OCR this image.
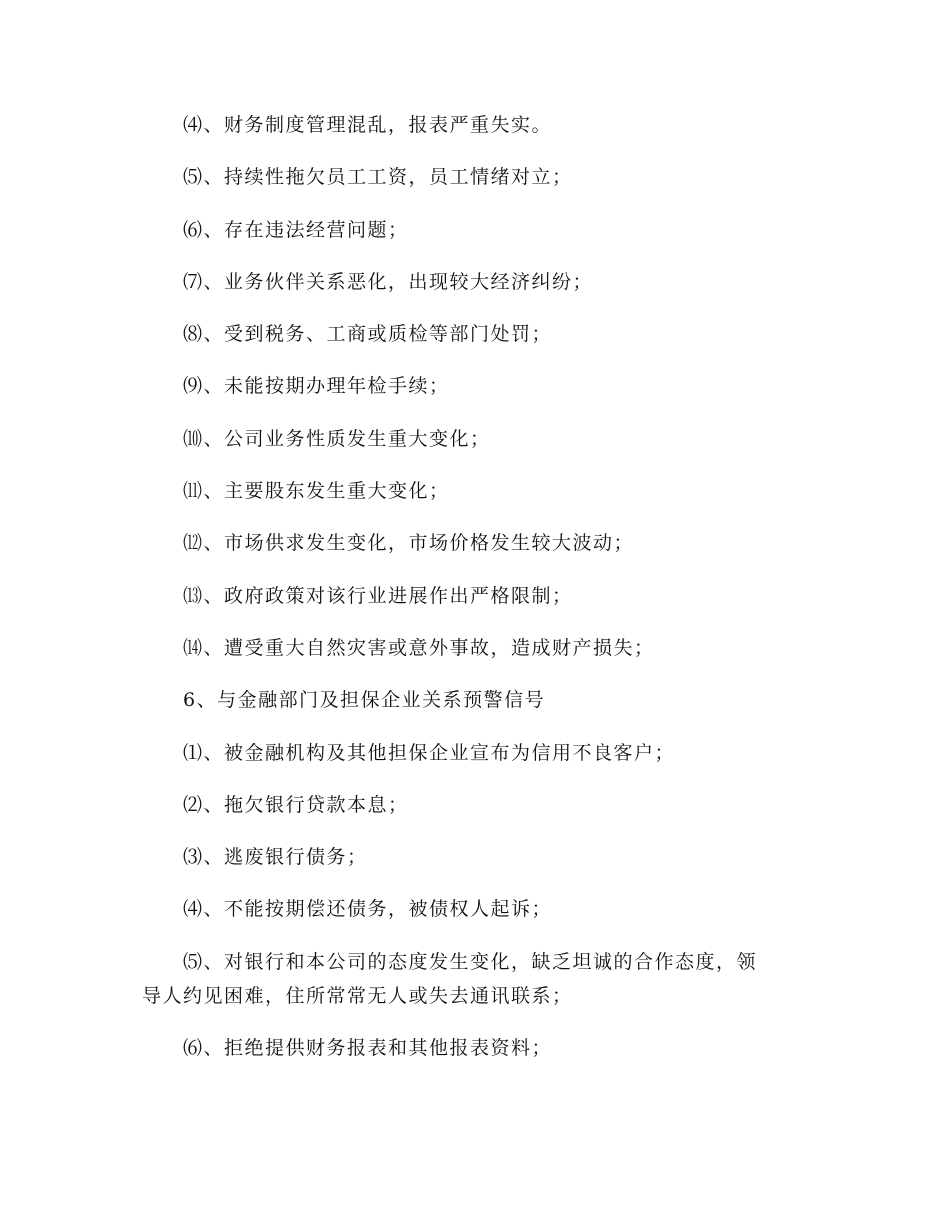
⑷、财务制度管理混乱，报表严重失实。
⑸、持续性拖欠员工工资，员工情绪对立；
⑹、存在违法经营问题；
⑺、业务伙伴关系恶化，出现较大经济纠纷；
⑻、受到税务、工商或质检等部门处罚；
⑼、未能按期办理年检手续；
⑽、公司业务性质发生重大变化；
⑾、主要股东发生重大变化；
⑿、市场供求发生变化，市场价格发生较大波动；
⒀、政府政策对该行业进展作出严格限制；
⒁、遭受重大自然灾害或意外事故，造成财产损失；
6、与金融部门及担保企业关系预警信号
⑴、被金融机构及其他担保企业宣布为信用不良客户；
⑵、拖欠银行贷款本息；
⑶、逃废银行债务；
⑷、不能按期偿还债务，被债权人起诉；
⑸、对银行和本公司的态度发生变化，缺乏坦诚的合作态度，领
导人约见困难，住所常常无人或失去通讯联系；
⑹、拒绝提供财务报表和其他报表资料；
